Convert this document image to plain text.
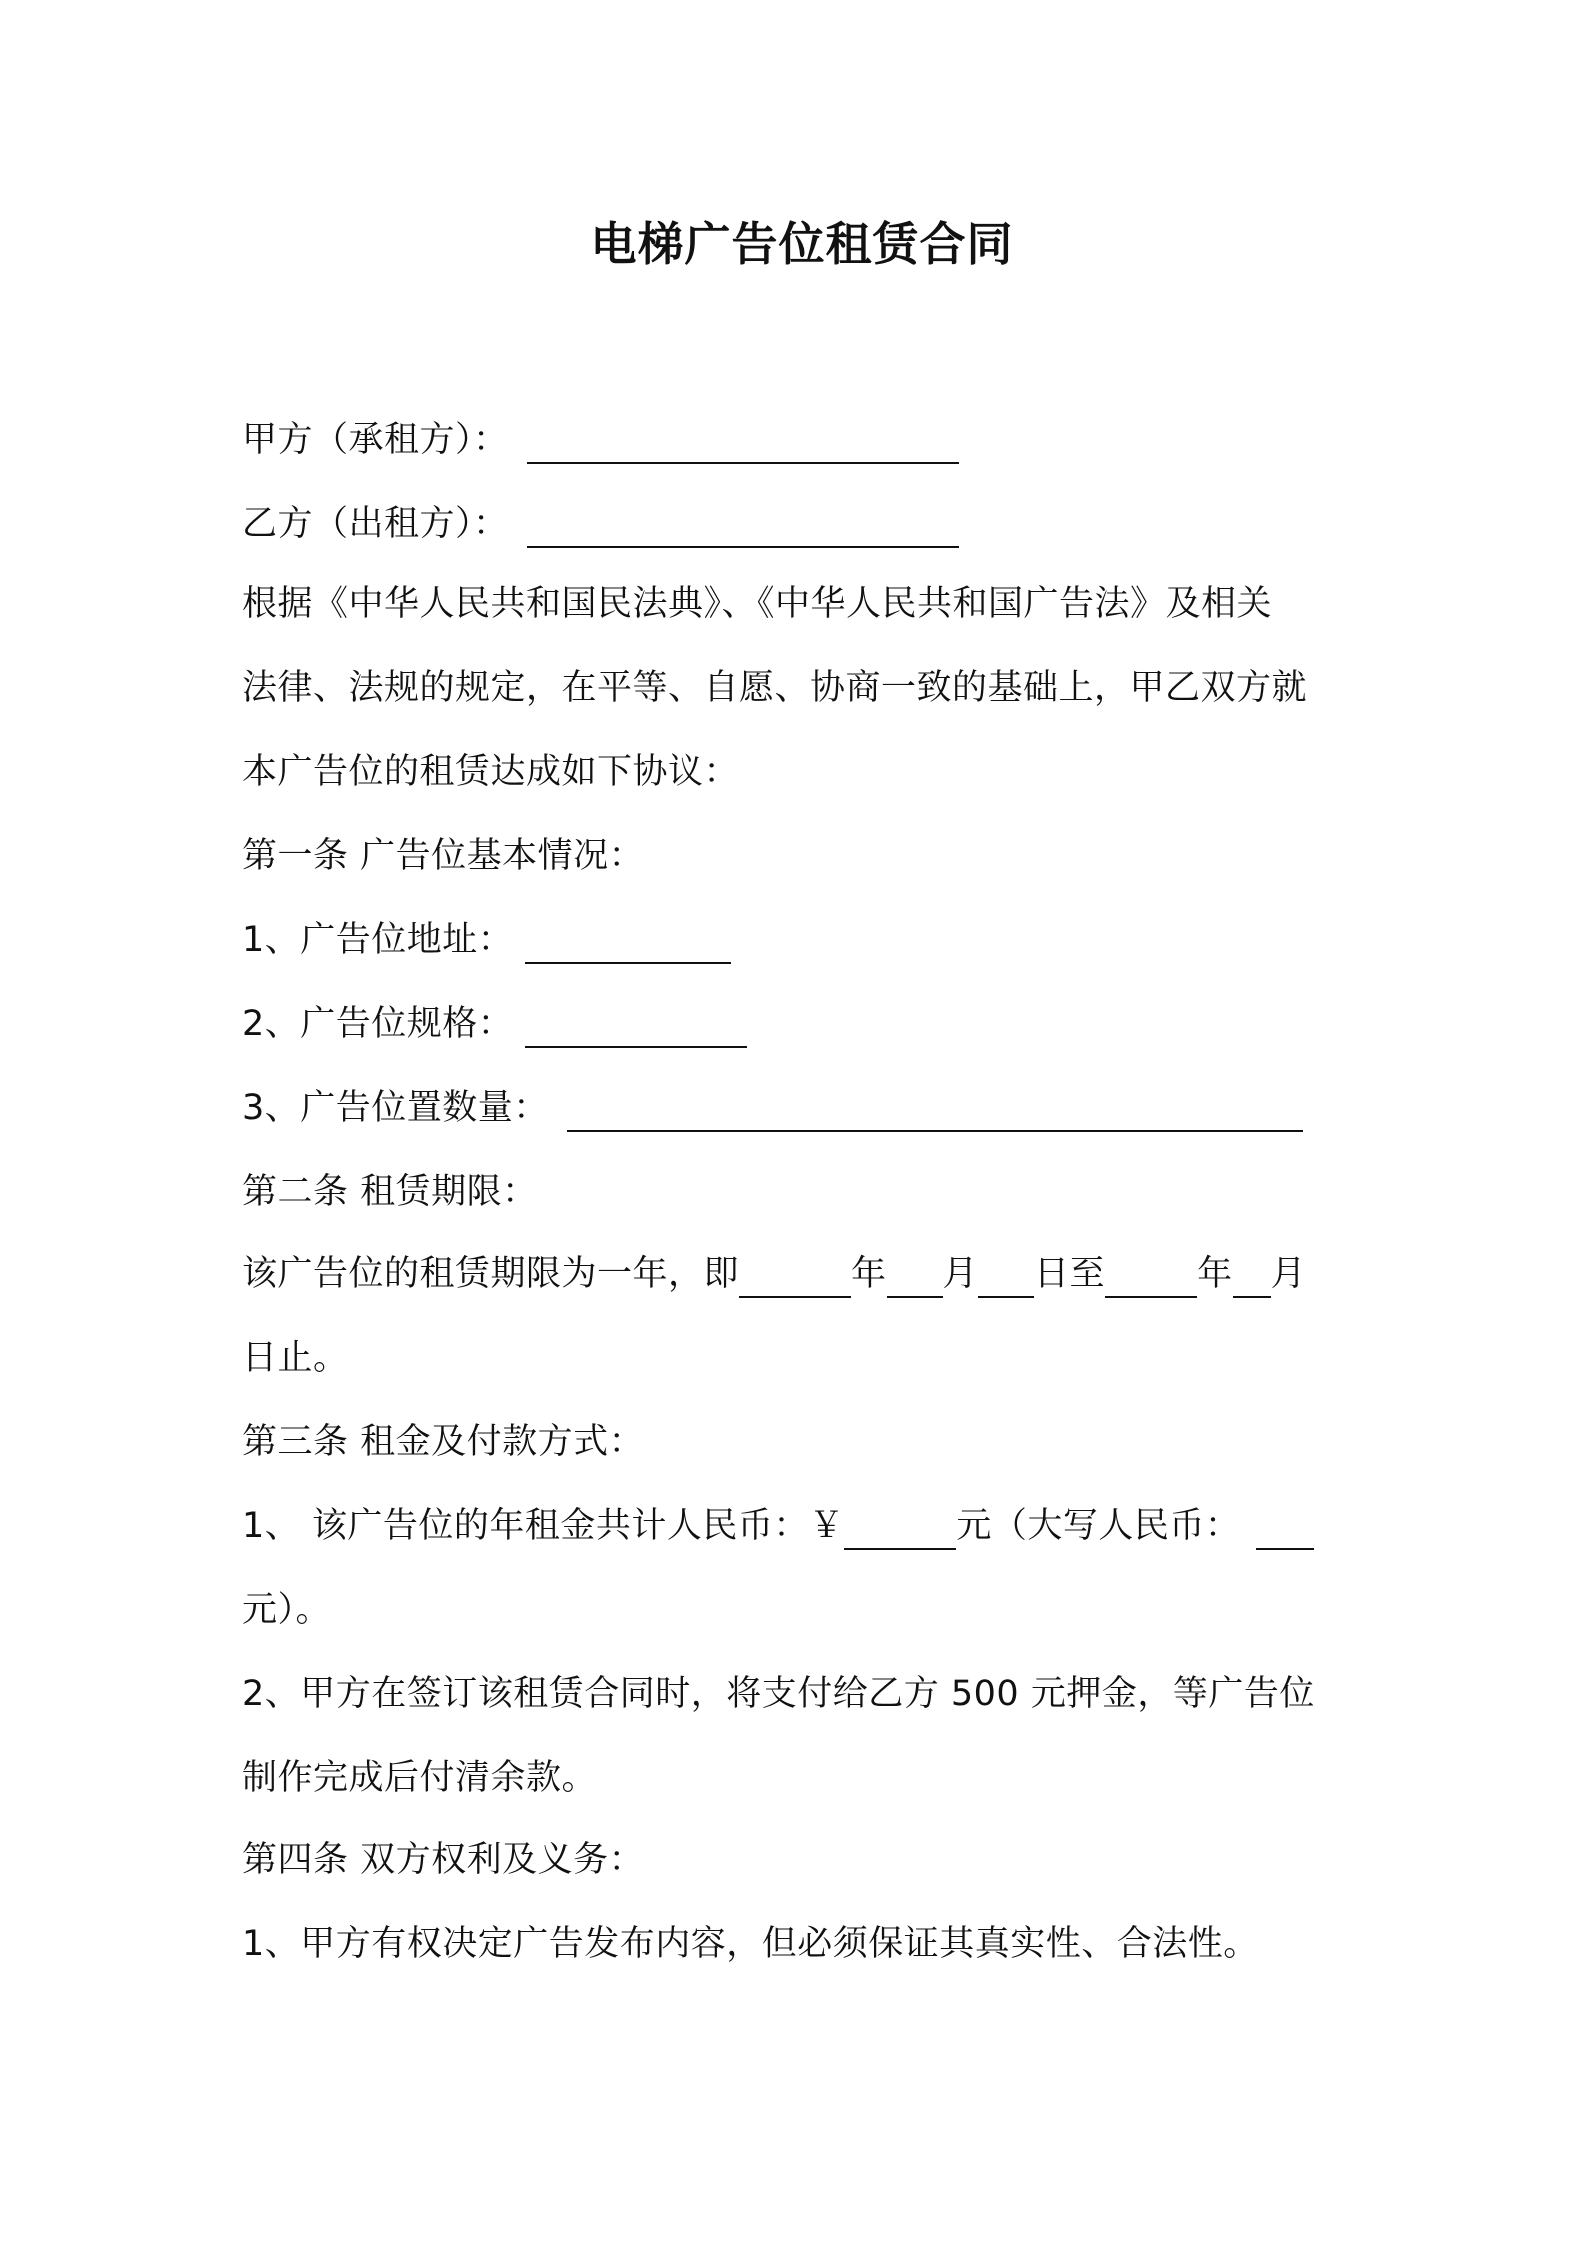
电梯广告位租赁合同
甲方（承租方）：
乙方（出租方）：
根据《中华人民共和国民法典》、《中华人民共和国广告法》及相关
法律、法规的规定，在平等、自愿、协商一致的基础上，甲乙双方就
本广告位的租赁达成如下协议：
第一条 广告位基本情况：
1、广告位地址：
2、广告位规格：
3、广告位置数量：
第二条 租赁期限：
该广告位的租赁期限为一年，即	年 月 日至	年 月
日止。
第三条 租金及付款方式：
1、 该广告位的年租金共计人民币：￥	元（大写人民币：
元）。
2、甲方在签订该租赁合同时，将支付给乙方 500 元押金，等广告位
制作完成后付清余款。
第四条 双方权利及义务：
1、甲方有权决定广告发布内容，但必须保证其真实性、合法性。
